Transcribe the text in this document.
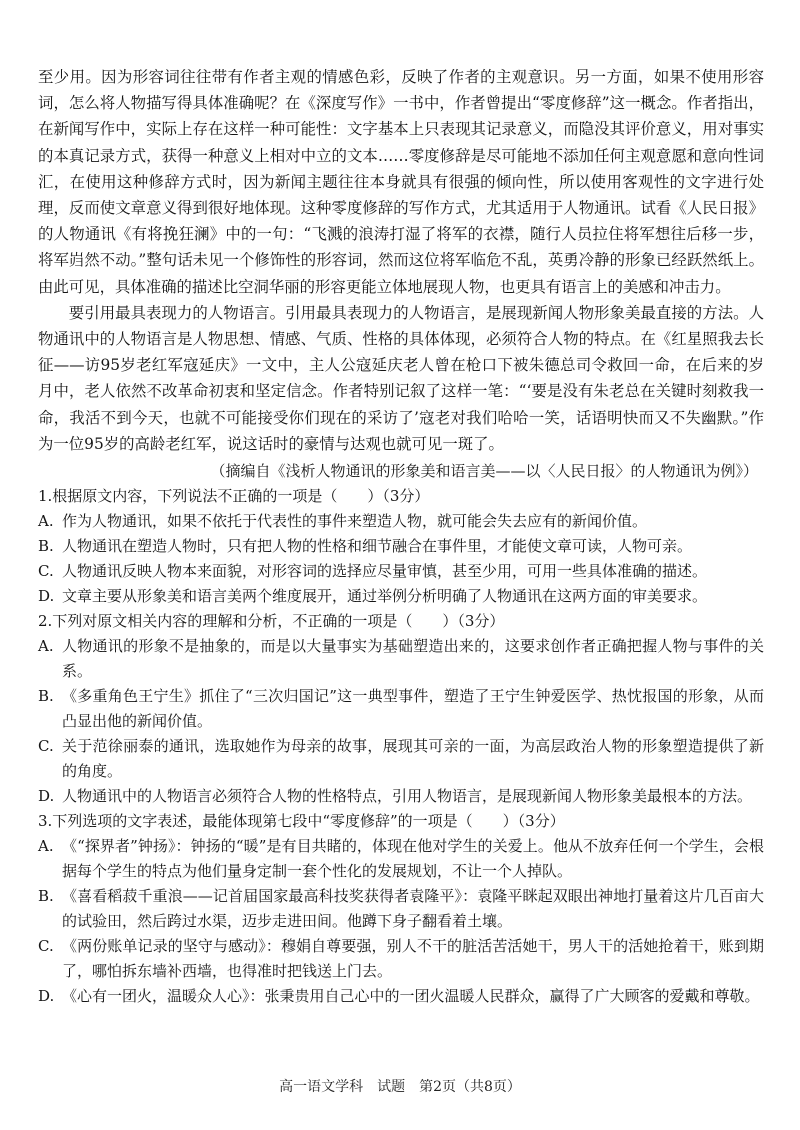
至少用。因为形容词往往带有作者主观的情感色彩，反映了作者的主观意识。另一方面，如果不使用形容词，怎么将人物描写得具体准确呢？在《深度写作》一书中，作者曾提出“零度修辞”这一概念。作者指出，在新闻写作中，实际上存在这样一种可能性：文字基本上只表现其记录意义，而隐没其评价意义，用对事实的本真记录方式，获得一种意义上相对中立的文本……零度修辞是尽可能地不添加任何主观意愿和意向性词汇，在使用这种修辞方式时，因为新闻主题往往本身就具有很强的倾向性，所以使用客观性的文字进行处理，反而使文章意义得到很好地体现。这种零度修辞的写作方式，尤其适用于人物通讯。试看《人民日报》的人物通讯《有将挽狂澜》中的一句：“飞溅的浪涛打湿了将军的衣襟，随行人员拉住将军想往后移一步，将军岿然不动。”整句话未见一个修饰性的形容词，然而这位将军临危不乱，英勇冷静的形象已经跃然纸上。由此可见，具体准确的描述比空洞华丽的形容更能立体地展现人物，也更具有语言上的美感和冲击力。

要引用最具表现力的人物语言。引用最具表现力的人物语言，是展现新闻人物形象美最直接的方法。人物通讯中的人物语言是人物思想、情感、气质、性格的具体体现，必须符合人物的特点。在《红星照我去长征——访95岁老红军寇延庆》一文中，主人公寇延庆老人曾在枪口下被朱德总司令救回一命，在后来的岁月中，老人依然不改革命初衷和坚定信念。作者特别记叙了这样一笔：“‘要是没有朱老总在关键时刻救我一命，我活不到今天，也就不可能接受你们现在的采访了’寇老对我们哈哈一笑，话语明快而又不失幽默。”作为一位95岁的高龄老红军，说这话时的豪情与达观也就可见一斑了。

（摘编自《浅析人物通讯的形象美和语言美——以〈人民日报〉的人物通讯为例》）

1.根据原文内容，下列说法不正确的一项是（　　）（3分）

A. 作为人物通讯，如果不依托于代表性的事件来塑造人物，就可能会失去应有的新闻价值。
B. 人物通讯在塑造人物时，只有把人物的性格和细节融合在事件里，才能使文章可读，人物可亲。
C. 人物通讯反映人物本来面貌，对形容词的选择应尽量审慎，甚至少用，可用一些具体准确的描述。
D. 文章主要从形象美和语言美两个维度展开，通过举例分析明确了人物通讯在这两方面的审美要求。

2.下列对原文相关内容的理解和分析，不正确的一项是（　　）（3分）

A. 人物通讯的形象不是抽象的，而是以大量事实为基础塑造出来的，这要求创作者正确把握人物与事件的关系。
B. 《多重角色王宁生》抓住了“三次归国记”这一典型事件，塑造了王宁生钟爱医学、热忱报国的形象，从而凸显出他的新闻价值。
C. 关于范徐丽泰的通讯，选取她作为母亲的故事，展现其可亲的一面，为高层政治人物的形象塑造提供了新的角度。
D. 人物通讯中的人物语言必须符合人物的性格特点，引用人物语言，是展现新闻人物形象美最根本的方法。

3.下列选项的文字表述，最能体现第七段中“零度修辞”的一项是（　　）（3分）

A. 《“探界者”钟扬》：钟扬的“暖”是有目共睹的，体现在他对学生的关爱上。他从不放弃任何一个学生，会根据每个学生的特点为他们量身定制一套个性化的发展规划，不让一个人掉队。
B. 《喜看稻菽千重浪——记首届国家最高科技奖获得者袁隆平》：袁隆平眯起双眼出神地打量着这片几百亩大的试验田，然后跨过水渠，迈步走进田间。他蹲下身子翻看着土壤。
C. 《两份账单记录的坚守与感动》：穆娟自尊要强，别人不干的脏活苦活她干，男人干的活她抢着干，账到期了，哪怕拆东墙补西墙，也得准时把钱送上门去。
D. 《心有一团火，温暖众人心》：张秉贵用自己心中的一团火温暖人民群众，赢得了广大顾客的爱戴和尊敬。
高一语文学科　试题　第2页（共8页）
